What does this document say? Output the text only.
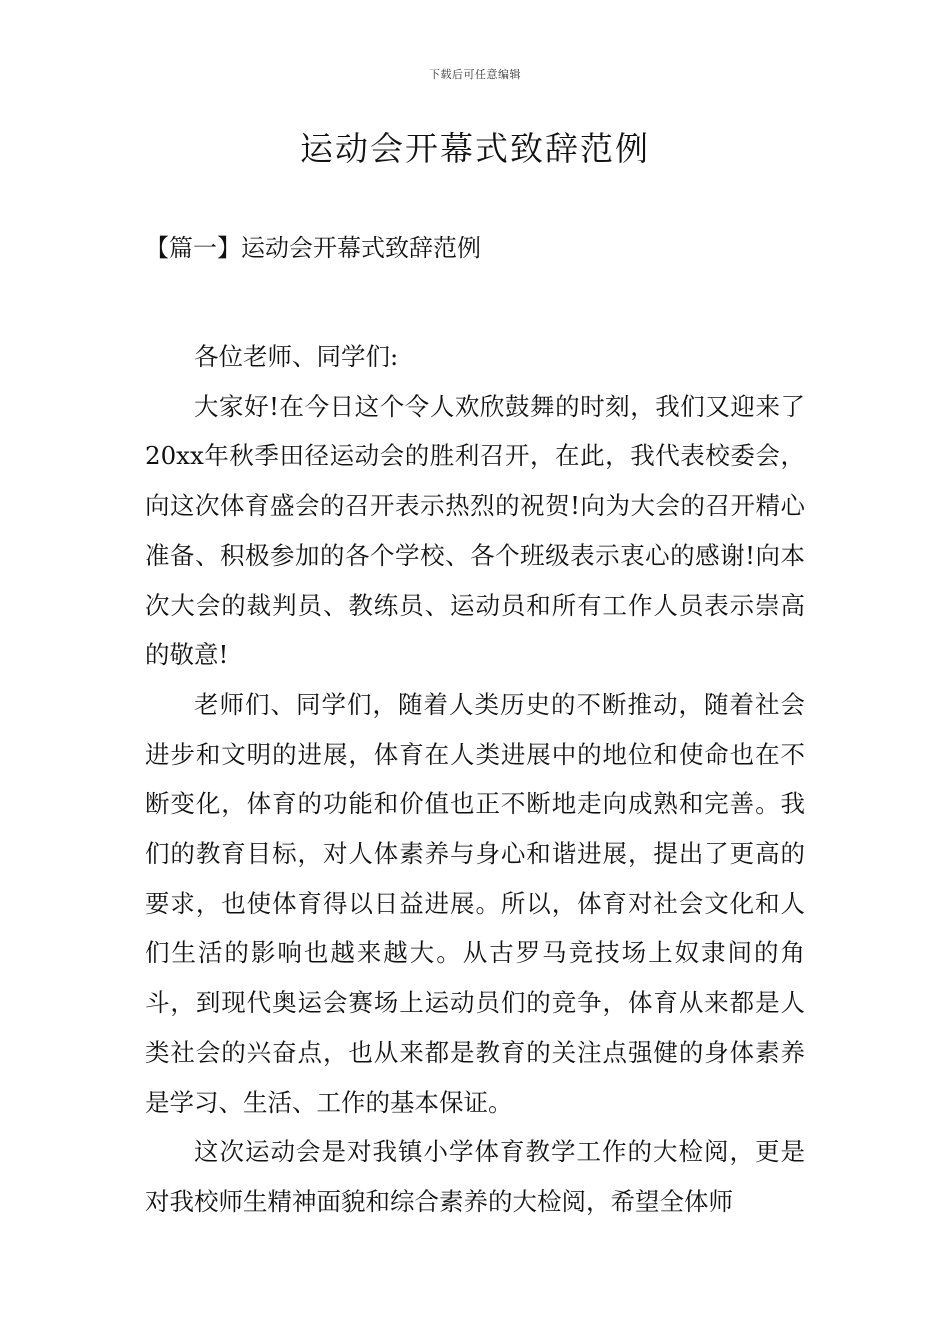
下载后可任意编辑
运动会开幕式致辞范例
【篇一】运动会开幕式致辞范例

各位老师、同学们:

大家好!在今日这个令人欢欣鼓舞的时刻，我们又迎来了20xx年秋季田径运动会的胜利召开，在此，我代表校委会，向这次体育盛会的召开表示热烈的祝贺!向为大会的召开精心准备、积极参加的各个学校、各个班级表示衷心的感谢!向本次大会的裁判员、教练员、运动员和所有工作人员表示崇高的敬意!

老师们、同学们，随着人类历史的不断推动，随着社会进步和文明的进展，体育在人类进展中的地位和使命也在不断变化，体育的功能和价值也正不断地走向成熟和完善。我们的教育目标，对人体素养与身心和谐进展，提出了更高的要求，也使体育得以日益进展。所以，体育对社会文化和人们生活的影响也越来越大。从古罗马竞技场上奴隶间的角斗，到现代奥运会赛场上运动员们的竞争，体育从来都是人类社会的兴奋点，也从来都是教育的关注点强健的身体素养是学习、生活、工作的基本保证。

这次运动会是对我镇小学体育教学工作的大检阅，更是对我校师生精神面貌和综合素养的大检阅，希望全体师
